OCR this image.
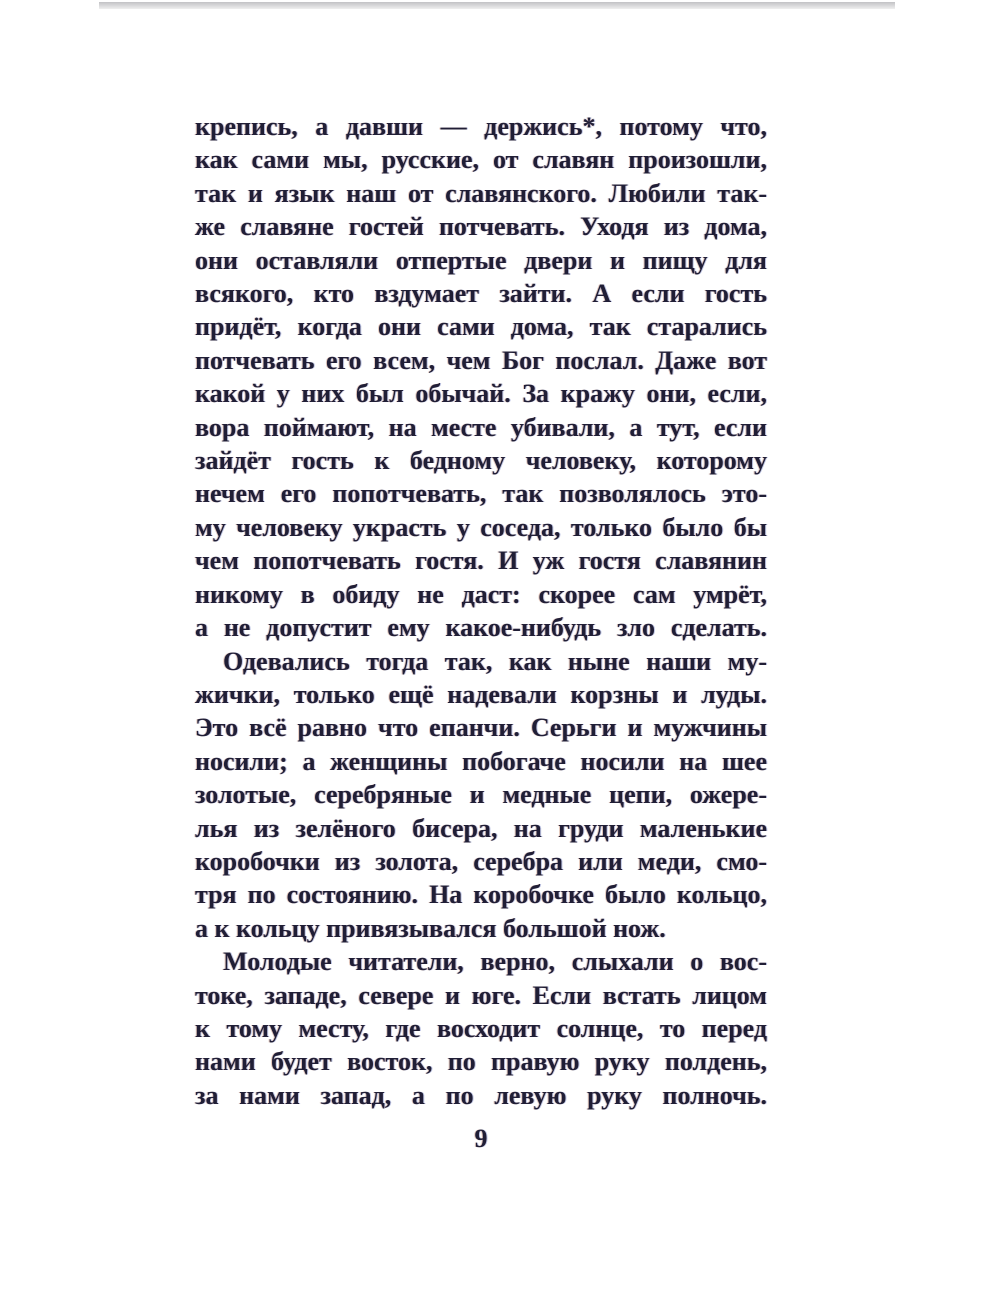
крепись, а давши — держись*, потому что,
как сами мы, русские, от славян произошли,
так и язык наш от славянского. Любили так-
же славяне гостей потчевать. Уходя из дома,
они оставляли отпертые двери и пищу для
всякого, кто вздумает зайти. А если гость
придёт, когда они сами дома, так старались
потчевать его всем, чем Бог послал. Даже вот
какой у них был обычай. За кражу они, если,
вора поймают, на месте убивали, а тут, если
зайдёт гость к бедному человеку, которому
нечем его попотчевать, так позволялось это-
му человеку украсть у соседа, только было бы
чем попотчевать гостя. И уж гостя славянин
никому в обиду не даст: скорее сам умрёт,
а не допустит ему какое-нибудь зло сделать.
Одевались тогда так, как ныне наши му-
жички, только ещё надевали корзны и луды.
Это всё равно что епанчи. Серьги и мужчины
носили; а женщины побогаче носили на шее
золотые, серебряные и медные цепи, ожере-
лья из зелёного бисера, на груди маленькие
коробочки из золота, серебра или меди, смо-
тря по состоянию. На коробочке было кольцо,
а к кольцу привязывался большой нож.
Молодые читатели, верно, слыхали о вос-
токе, западе, севере и юге. Если встать лицом
к тому месту, где восходит солнце, то перед
нами будет восток, по правую руку полдень,
за нами запад, а по левую руку полночь.
9
